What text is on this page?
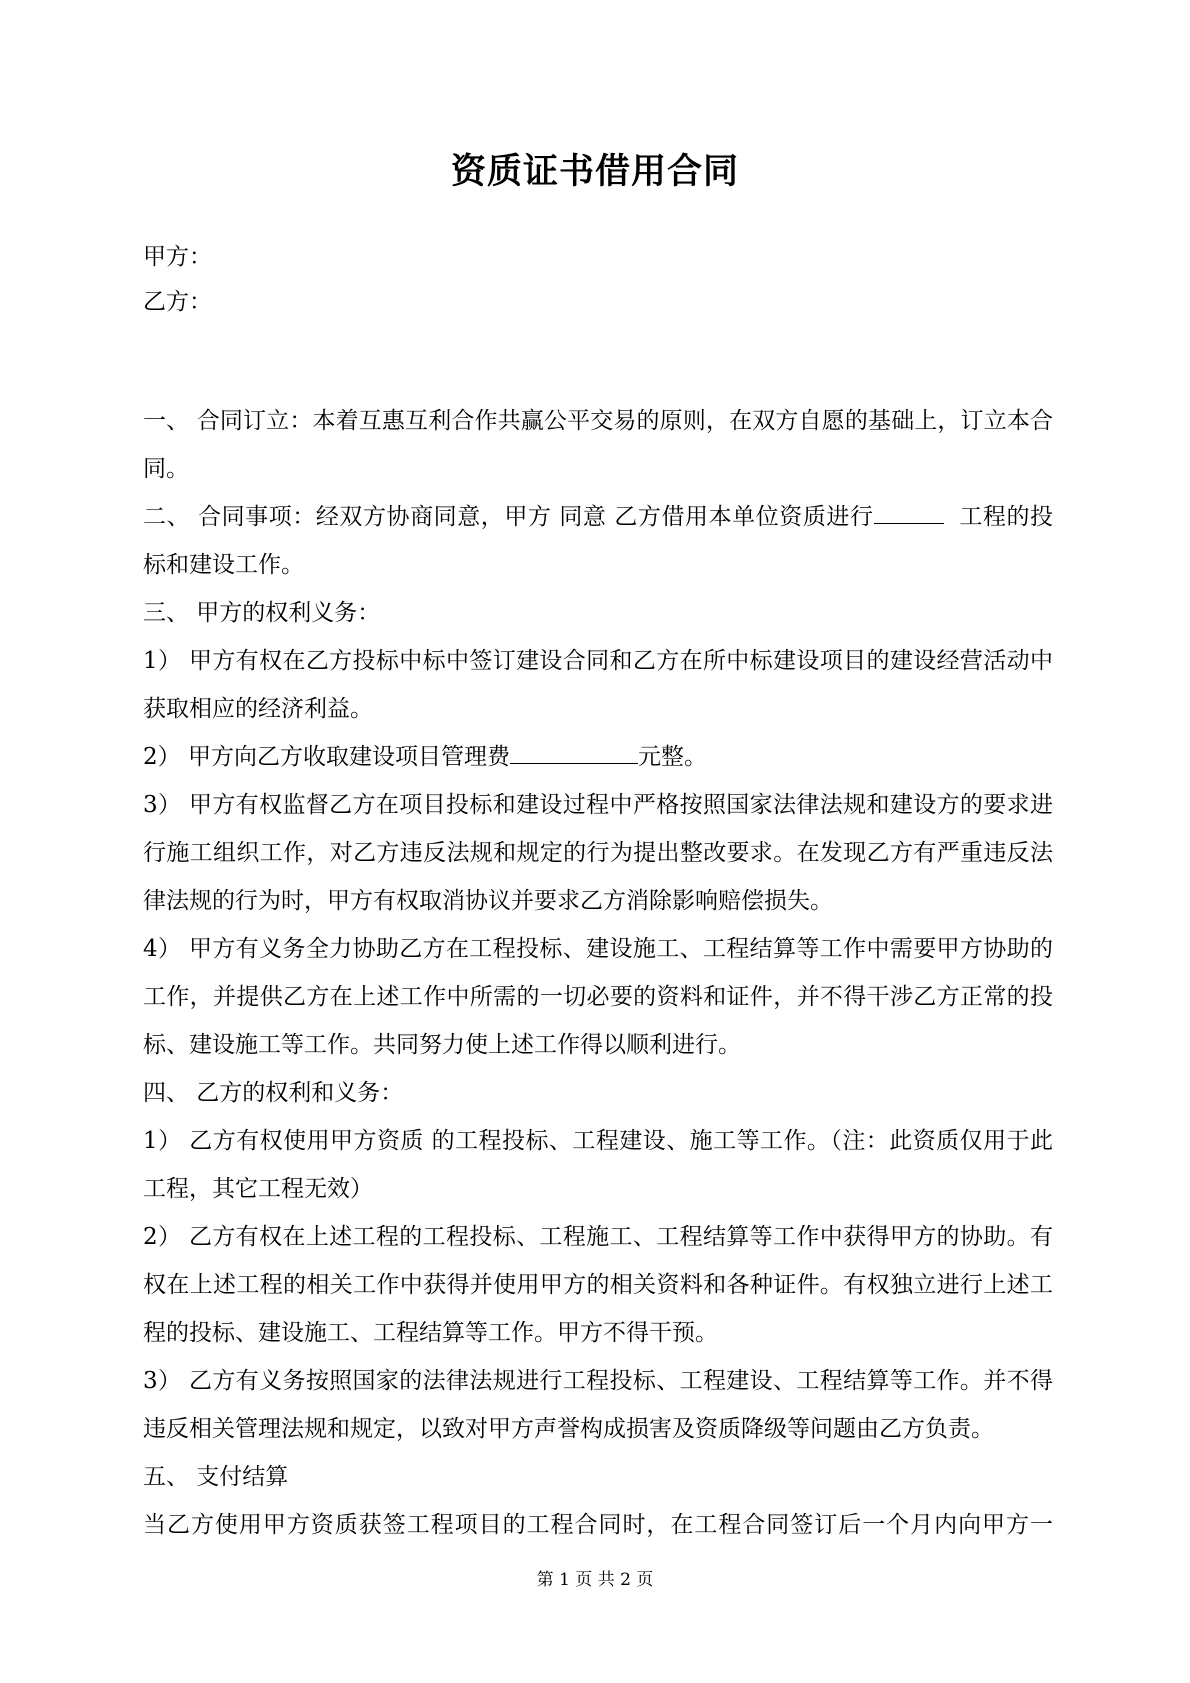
资质证书借用合同
甲方：
乙方：

一、 合同订立：本着互惠互利合作共赢公平交易的原则，在双方自愿的基础上，订立本合同。

二、 合同事项：经双方协商同意，甲方 同意 乙方借用本单位资质进行	工程的投标和建设工作。

三、 甲方的权利义务：

1） 甲方有权在乙方投标中标中签订建设合同和乙方在所中标建设项目的建设经营活动中获取相应的经济利益。

2） 甲方向乙方收取建设项目管理费	元整。

3） 甲方有权监督乙方在项目投标和建设过程中严格按照国家法律法规和建设方的要求进行施工组织工作，对乙方违反法规和规定的行为提出整改要求。在发现乙方有严重违反法律法规的行为时，甲方有权取消协议并要求乙方消除影响赔偿损失。

4） 甲方有义务全力协助乙方在工程投标、建设施工、工程结算等工作中需要甲方协助的工作，并提供乙方在上述工作中所需的一切必要的资料和证件，并不得干涉乙方正常的投标、建设施工等工作。共同努力使上述工作得以顺利进行。

四、 乙方的权利和义务：

1） 乙方有权使用甲方资质 的工程投标、工程建设、施工等工作。（注：此资质仅用于此工程，其它工程无效）

2） 乙方有权在上述工程的工程投标、工程施工、工程结算等工作中获得甲方的协助。有权在上述工程的相关工作中获得并使用甲方的相关资料和各种证件。有权独立进行上述工程的投标、建设施工、工程结算等工作。甲方不得干预。

3） 乙方有义务按照国家的法律法规进行工程投标、工程建设、工程结算等工作。并不得违反相关管理法规和规定，以致对甲方声誉构成损害及资质降级等问题由乙方负责。

五、 支付结算

当乙方使用甲方资质获签工程项目的工程合同时，在工程合同签订后一个月内向甲方一

第 1 页 共 2 页
